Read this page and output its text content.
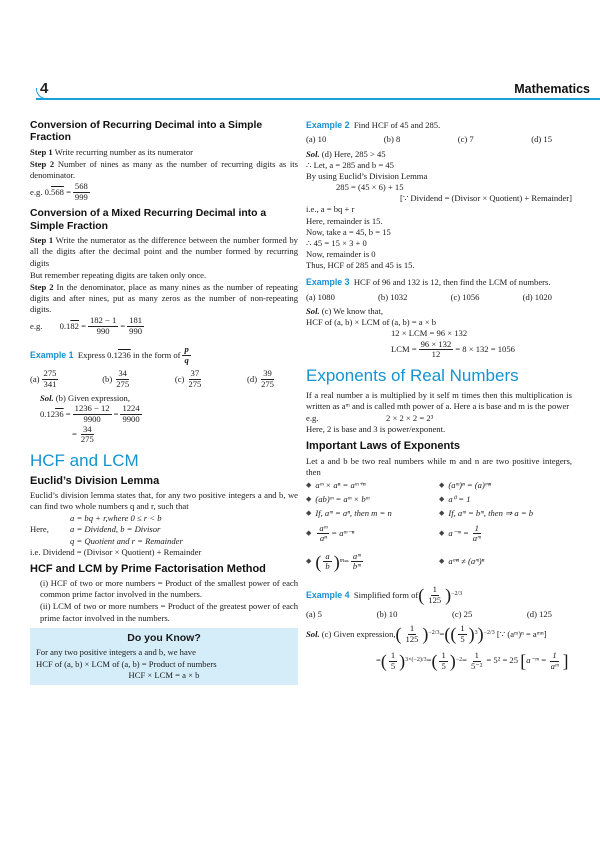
4	Mathematics
Conversion of Recurring Decimal into a Simple Fraction

Step 1 Write recurring number as its numerator

Step 2 Number of nines as many as the number of recurring digits as its denominator.

e.g.
0. $568 = \frac{568}{999}$
Conversion of a Mixed Recurring Decimal into a Simple Fraction

Step 1 Write the numerator as the difference between the number formed by all the digits after the decimal point and the number formed by recurring digits

But remember repeating digits are taken only once.

Step 2 In the denominator, place as many nines as the number of repeating digits and after nines, put as many zeros as the number of non-repeating digits.

e.g.
0.1 $82 = \frac{182 - 1}{990} = \frac{181}{990}$
Example 1
Express 0.1 236
in the form of $\frac{p}{q}$
$(a) \frac{275}{341}$	$(b) \frac{34}{275}$	$(c) \frac{37}{275}$	$(d) \frac{39}{275}$

Sol. (b) Given expression,

0.12 $36 = \frac{1236 - 12}{9900} = \frac{1224}{9900}$
= $\frac{34}{275}$
HCF and LCM
Euclid’s Division Lemma

Euclid’s division lemma states that, for any two positive integers a and b, we can find two whole numbers q and r, such that

a = bq + r,where 0 ≤ r < b

Here,	a = Dividend, b = Divisor

q = Quotient and r = Remainder

i.e. Dividend = (Divisor × Quotient) + Remainder

HCF and LCM by Prime Factorisation Method

(i) HCF of two or more numbers = Product of the smallest power of each common prime factor involved in the numbers.

(ii) LCM of two or more numbers = Product of the greatest power of each prime factor involved in the numbers.

Do you Know?

For any two positive integers a and b, we have

HCF of (a, b) × LCM of (a, b) = Product of numbers

HCF × LCM = a × b

Example 2 Find HCF of 45 and 285.

(a) 10	(b) 8	(c) 7	(d) 15

Sol. (d) Here, 285 > 45

∴ Let, a = 285 and b = 45

By using Euclid’s Division Lemma

285 = (45 × 6) + 15

[∵ Dividend = (Divisor × Quotient) + Remainder]

i.e., a = bq + r

Here, remainder is 15.

Now, take a = 45, b = 15

∴ 45 = 15 × 3 + 0

Now, remainder is 0

Thus, HCF of 285 and 45 is 15.

Example 3 HCF of 96 and 132 is 12, then find the LCM of numbers.

(a) 1080	(b) 1032	(c) 1056	(d) 1020

Sol. (c) We know that,

HCF of (a, b) × LCM of (a, b) = a × b

12 × LCM = 96 × 132

LCM = $\frac{96 \times 132}{12} = 8 \times 132 = 1056$
Exponents of Real Numbers

If a real number a is multiplied by it self m times then this multiplication is written as aᵐ and is called mth power of a. Here a is base and m is the power

e.g.	2 × 2 × 2 = 2³

Here, 2 is base and 3 is power/exponent.

Important Laws of Exponents

Let a and b be two real numbers while m and n are two positive integers, then

◆ aᵐ × aⁿ = aᵐ⁺ⁿ	◆ (aᵐ)ⁿ = (a)ᵐⁿ
◆ (ab)ᵐ = aᵐ × bᵐ	◆ a⁰ = 1
◆ If, aᵐ = aⁿ, then m = n	◆ If, aᵐ = bᵐ, then ⇒ a = b
◆ $\frac{\text{aᵐ}}{\text{aⁿ}}$ = aᵐ⁻ⁿ	◆ a⁻ᵐ = $\frac{1}{\text{aᵐ}}$
◆ ( $\frac{a}{b}$ ) $m = \frac{\text{aᵐ}}{\text{bᵐ}}$	◆ aᵐⁿ ≠ (aᵐ)ⁿ
Example 4
Simplified form of ( $\frac{1}{125}$ ) −2/3
(a) 5	(b) 10	(c) 25	(d) 125
Sol.
(c) Given expression, ( $\frac{1}{125}$ ) −2/3 = (( $\frac{1}{5}$ ) 3 ) −2/3
[∵ (aᵐ)ⁿ = aᵐⁿ]
= ( $\frac{1}{5}$ ) 3×(−2)/3 = ( $\frac{1}{5}$ ) $-2 = \frac{1}{\text{5⁻²}} = 5^2 = 25$
[ a⁻ᵐ = $\frac{1}{\text{aᵐ}}$ ]
